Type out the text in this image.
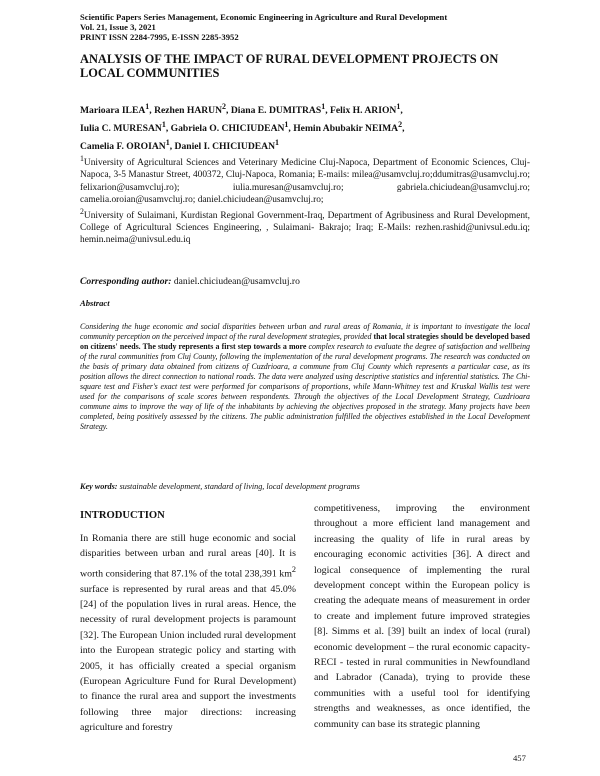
Scientific Papers Series Management, Economic Engineering in Agriculture and Rural Development
Vol. 21, Issue 3, 2021
PRINT ISSN 2284-7995, E-ISSN 2285-3952
ANALYSIS OF THE IMPACT OF RURAL DEVELOPMENT PROJECTS ON LOCAL COMMUNITIES
Marioara ILEA$^1$, Rezhen HARUN$^2$, Diana E. DUMITRAS$^1$, Felix H. ARION$^1$,
Iulia C. MURESAN$^1$, Gabriela O. CHICIUDEAN$^1$, Hemin Abubakir NEIMA$^2$,
Camelia F. OROIAN$^1$, Daniel I. CHICIUDEAN$^1$

$^1$University of Agricultural Sciences and Veterinary Medicine Cluj-Napoca, Department of Economic Sciences, Cluj-Napoca, 3-5 Manastur Street, 400372, Cluj-Napoca, Romania; E-mails: milea@usamvcluj.ro;ddumitras@usamvcluj.ro; felixarion@usamvcluj.ro); iulia.muresan@usamvcluj.ro; gabriela.chiciudean@usamvcluj.ro; camelia.oroian@usamvcluj.ro; daniel.chiciudean@usamvcluj.ro;

$^2$University of Sulaimani, Kurdistan Regional Government-Iraq, Department of Agribusiness and Rural Development, College of Agricultural Sciences Engineering, , Sulaimani- Bakrajo; Iraq; E-Mails: rezhen.rashid@univsul.edu.iq; hemin.neima@univsul.edu.iq

Corresponding author: daniel.chiciudean@usamvcluj.ro
Abstract
Considering the huge economic and social disparities between urban and rural areas of Romania, it is important to investigate the local community perception on the perceived impact of the rural development strategies, provided that local strategies should be developed based on citizens' needs. The study represents a first step towards a more complex research to evaluate the degree of satisfaction and wellbeing of the rural communities from Cluj County, following the implementation of the rural development programs. The research was conducted on the basis of primary data obtained from citizens of Cuzdrioara, a commune from Cluj County which represents a particular case, as its position allows the direct connection to national roads. The data were analyzed using descriptive statistics and inferential statistics. The Chi-square test and Fisher's exact test were performed for comparisons of proportions, while Mann-Whitney test and Kruskal Wallis test were used for the comparisons of scale scores between respondents. Through the objectives of the Local Development Strategy, Cuzdrioara commune aims to improve the way of life of the inhabitants by achieving the objectives proposed in the strategy. Many projects have been completed, being positively assessed by the citizens. The public administration fulfilled the objectives established in the Local Development Strategy.
Key words: sustainable development, standard of living, local development programs
INTRODUCTION
In Romania there are still huge economic and social disparities between urban and rural areas [40]. It is worth considering that 87.1% of the total 238,391 $km^2$ surface is represented by rural areas and that 45.0% [24] of the population lives in rural areas. Hence, the necessity of rural development projects is paramount [32]. The European Union included rural development into the European strategic policy and starting with 2005, it has officially created a special organism (European Agriculture Fund for Rural Development) to finance the rural area and support the investments following three major directions: increasing agriculture and forestry
competitiveness, improving the environment throughout a more efficient land management and increasing the quality of life in rural areas by encouraging economic activities [36]. A direct and logical consequence of implementing the rural development concept within the European policy is creating the adequate means of measurement in order to create and implement future improved strategies [8]. Simms et al. [39] built an index of local (rural) economic development – the rural economic capacity- RECI - tested in rural communities in Newfoundland and Labrador (Canada), trying to provide these communities with a useful tool for identifying strengths and weaknesses, as once identified, the community can base its strategic planning
457
